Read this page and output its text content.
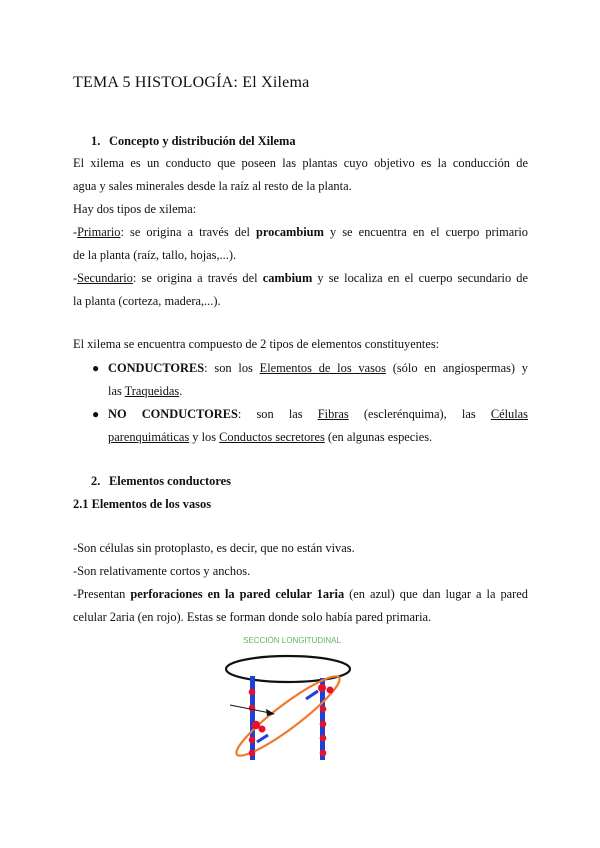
TEMA 5 HISTOLOGÍA: El Xilema
1. Concepto y distribución del Xilema
El xilema es un conducto que poseen las plantas cuyo objetivo es la conducción de
agua y sales minerales desde la raíz al resto de la planta.
Hay dos tipos de xilema:
-Primario: se origina a través del procambium y se encuentra en el cuerpo primario
de la planta (raíz, tallo, hojas,...).
-Secundario: se origina a través del cambium y se localiza en el cuerpo secundario de
la planta (corteza, madera,...).
El xilema se encuentra compuesto de 2 tipos de elementos constituyentes:
● CONDUCTORES: son los Elementos de los vasos (sólo en angiospermas) y
las Traqueidas.
● NO CONDUCTORES: son las Fibras (esclerénquima), las Células
parenquimáticas y los Conductos secretores (en algunas especies.
2. Elementos conductores
2.1 Elementos de los vasos
-Son células sin protoplasto, es decir, que no están vivas.
-Son relativamente cortos y anchos.
-Presentan perforaciones en la pared celular 1aria (en azul) que dan lugar a la pared
celular 2aria (en rojo). Estas se forman donde solo había pared primaria.
SECCIÓN LONGITUDINAL
